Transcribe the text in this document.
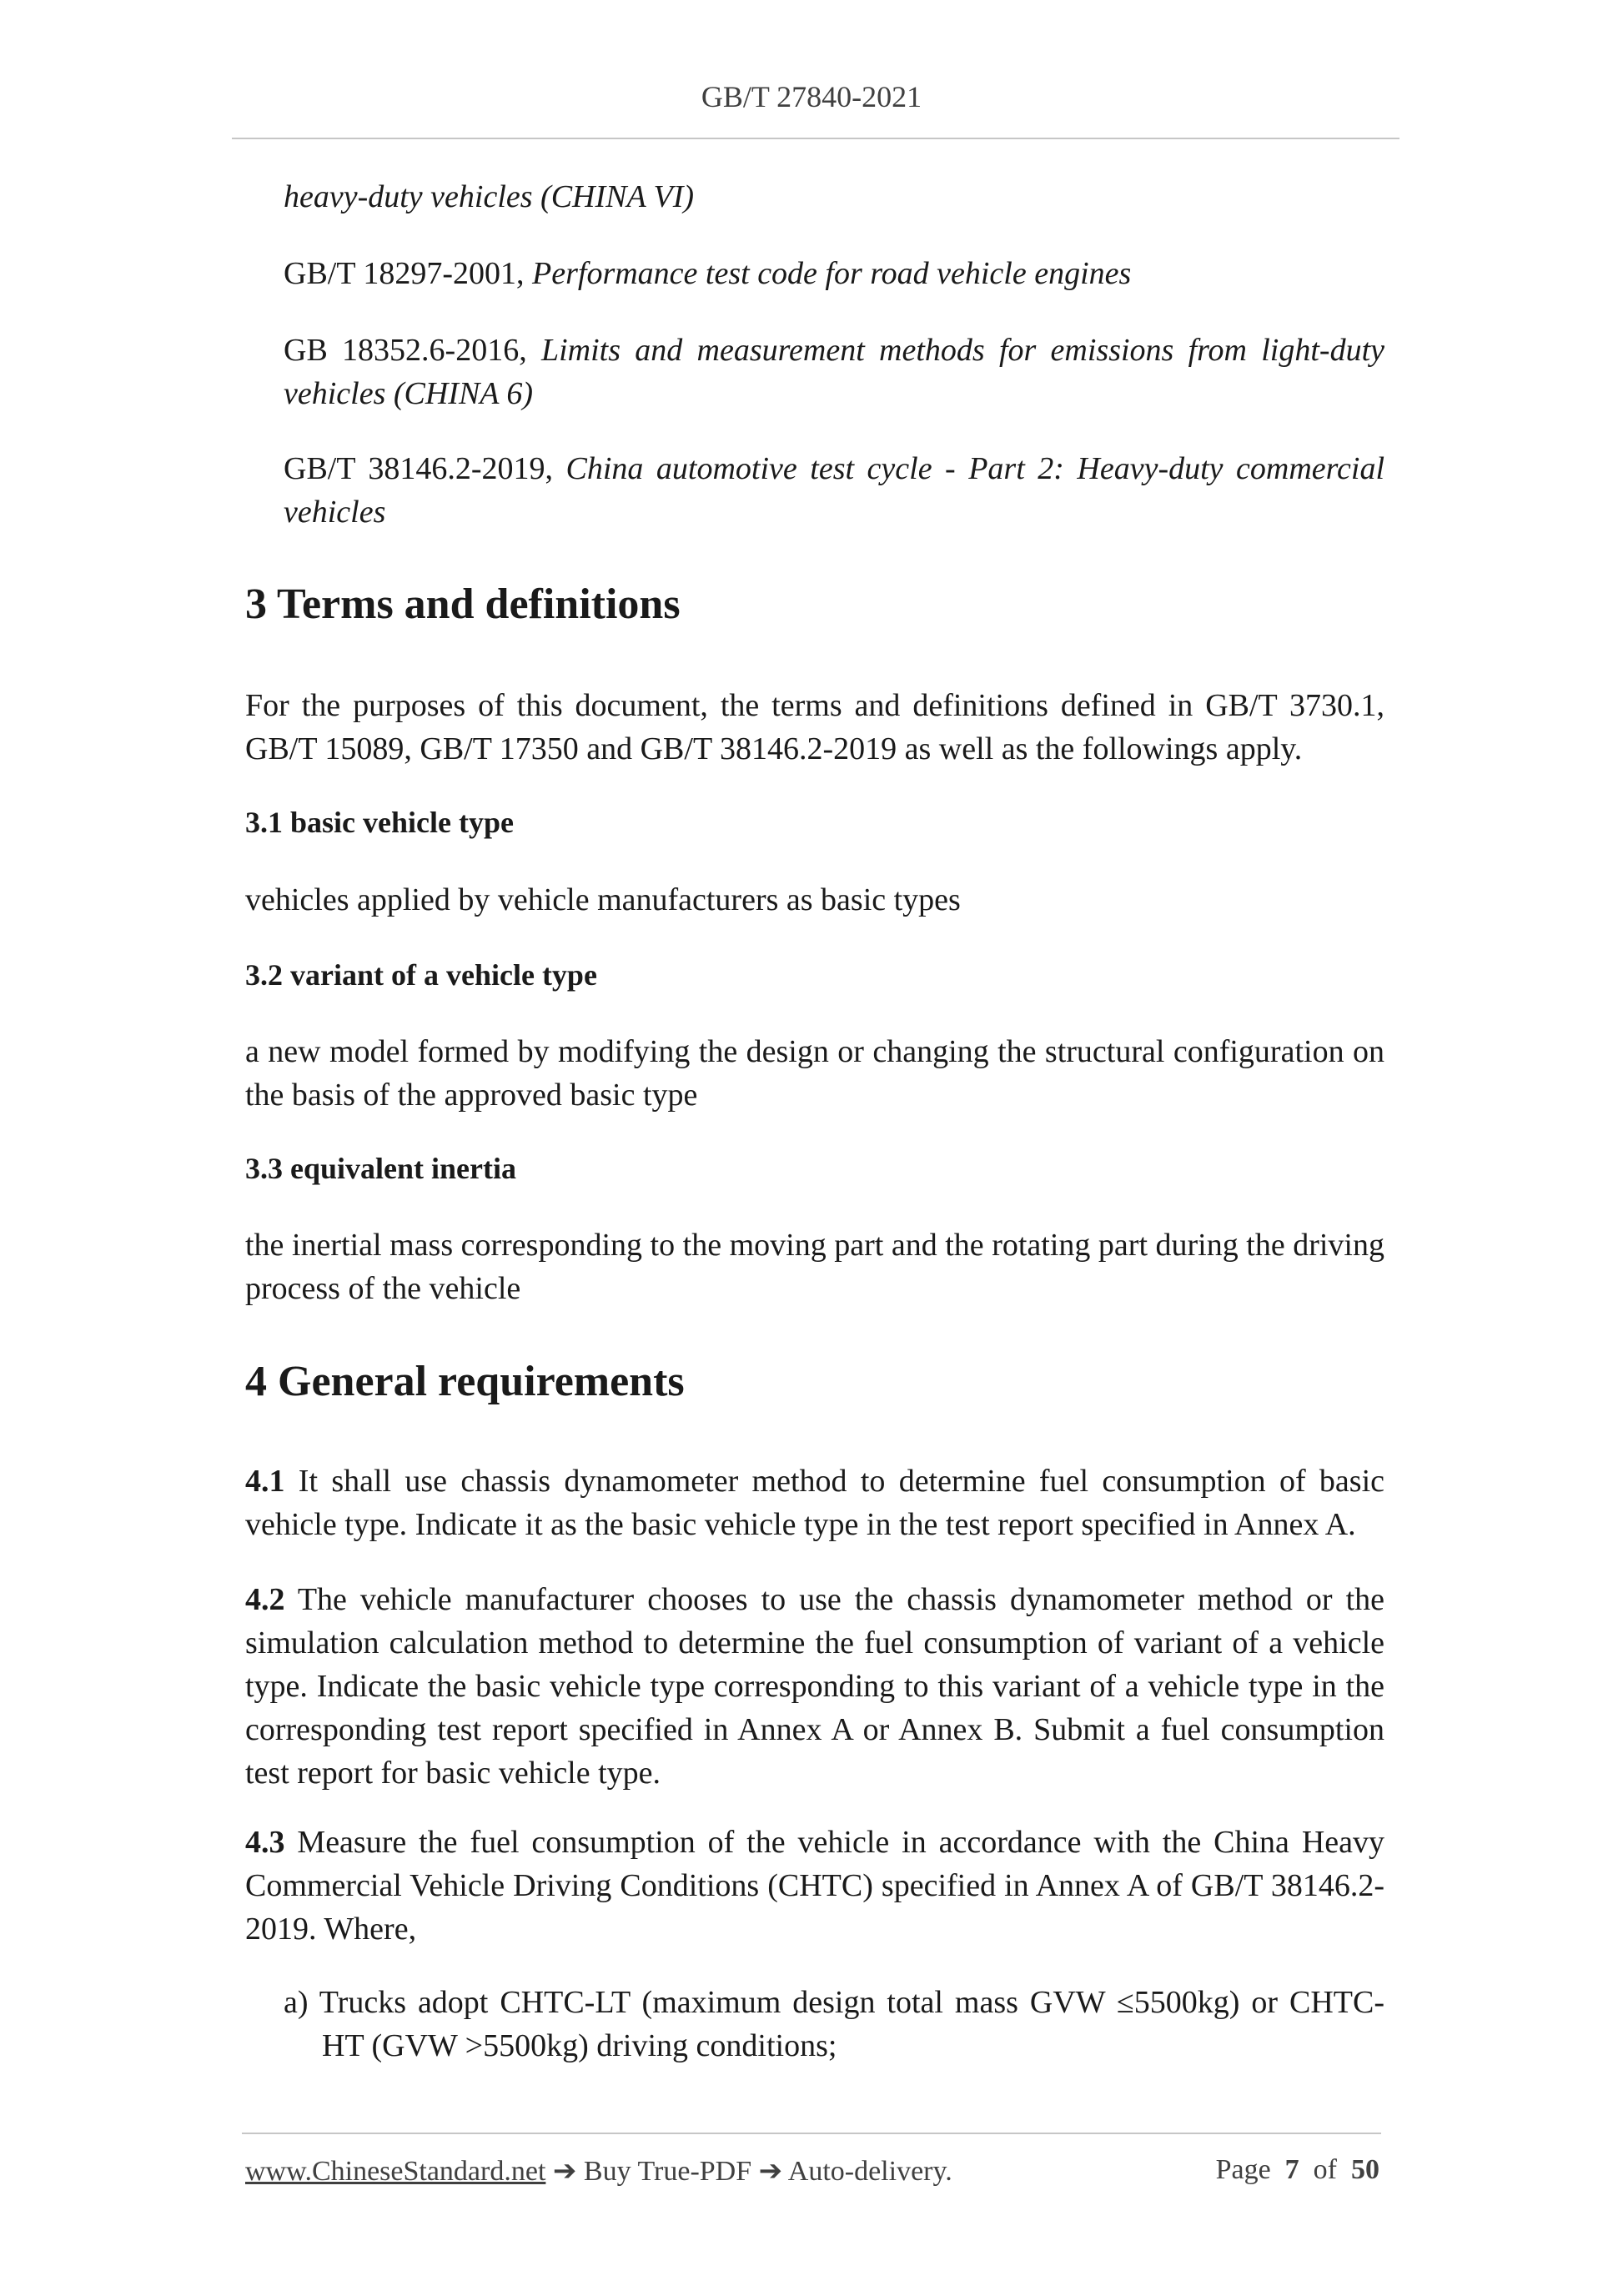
GB/T 27840-2021
heavy-duty vehicles (CHINA VI)
GB/T 18297-2001, Performance test code for road vehicle engines
GB 18352.6-2016, Limits and measurement methods for emissions from light-duty vehicles (CHINA 6)
GB/T 38146.2-2019, China automotive test cycle - Part 2: Heavy-duty commercial vehicles
3 Terms and definitions
For the purposes of this document, the terms and definitions defined in GB/T 3730.1, GB/T 15089, GB/T 17350 and GB/T 38146.2-2019 as well as the followings apply.
3.1 basic vehicle type
vehicles applied by vehicle manufacturers as basic types
3.2 variant of a vehicle type
a new model formed by modifying the design or changing the structural configuration on the basis of the approved basic type
3.3 equivalent inertia
the inertial mass corresponding to the moving part and the rotating part during the driving process of the vehicle
4 General requirements
4.1 It shall use chassis dynamometer method to determine fuel consumption of basic vehicle type. Indicate it as the basic vehicle type in the test report specified in Annex A.
4.2 The vehicle manufacturer chooses to use the chassis dynamometer method or the simulation calculation method to determine the fuel consumption of variant of a vehicle type. Indicate the basic vehicle type corresponding to this variant of a vehicle type in the corresponding test report specified in Annex A or Annex B. Submit a fuel consumption test report for basic vehicle type.
4.3 Measure the fuel consumption of the vehicle in accordance with the China Heavy Commercial Vehicle Driving Conditions (CHTC) specified in Annex A of GB/T 38146.2-2019. Where,
a) Trucks adopt CHTC-LT (maximum design total mass GVW ≤5500kg) or CHTC-HT (GVW >5500kg) driving conditions;
www.ChineseStandard.net ➔ Buy True-PDF ➔ Auto-delivery.	Page 7 of 50
